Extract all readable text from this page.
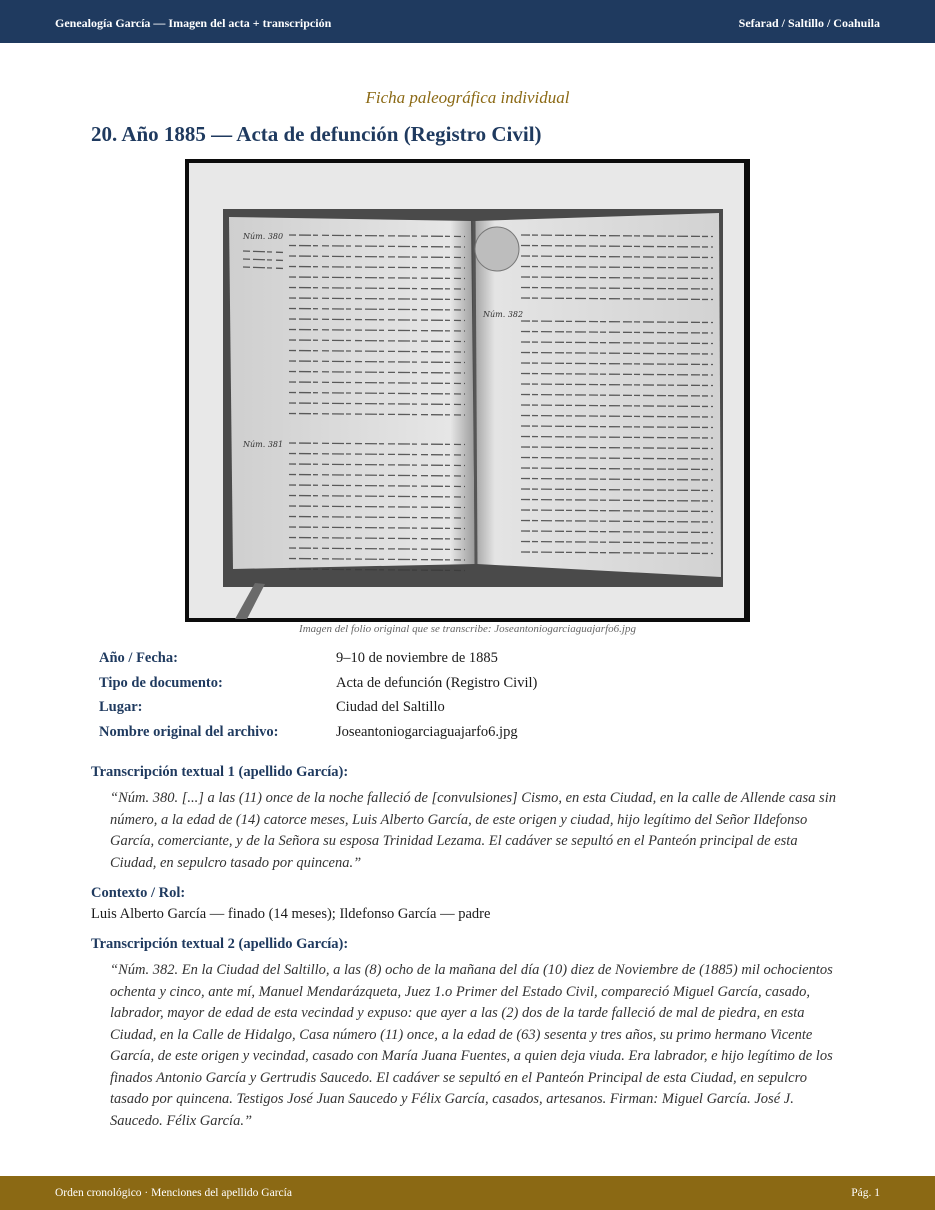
Genealogía García — Imagen del acta + transcripción	Sefarad / Saltillo / Coahuila
Ficha paleográfica individual
20. Año 1885 — Acta de defunción (Registro Civil)
Núm. 380
Núm. 381
Núm. 382
Imagen del folio original que se transcribe: Joseantoniogarciaguajarfo6.jpg
Año / Fecha:	9–10 de noviembre de 1885
Tipo de documento:	Acta de defunción (Registro Civil)
Lugar:	Ciudad del Saltillo
Nombre original del archivo:	Joseantoniogarciaguajarfo6.jpg
Transcripción textual 1 (apellido García):

“Núm. 380. [...] a las (11) once de la noche falleció de [convulsiones] Cismo, en esta Ciudad, en la calle de Allende casa sin número, a la edad de (14) catorce meses, Luis Alberto García, de este origen y ciudad, hijo legítimo del Señor Ildefonso García, comerciante, y de la Señora su esposa Trinidad Lezama. El cadáver se sepultó en el Panteón principal de esta Ciudad, en sepulcro tasado por quincena.”

Contexto / Rol:
Luis Alberto García — finado (14 meses); Ildefonso García — padre
Transcripción textual 2 (apellido García):

“Núm. 382. En la Ciudad del Saltillo, a las (8) ocho de la mañana del día (10) diez de Noviembre de (1885) mil ochocientos ochenta y cinco, ante mí, Manuel Mendarázqueta, Juez 1.o Primer del Estado Civil, compareció Miguel García, casado, labrador, mayor de edad de esta vecindad y expuso: que ayer a las (2) dos de la tarde falleció de mal de piedra, en esta Ciudad, en la Calle de Hidalgo, Casa número (11) once, a la edad de (63) sesenta y tres años, su primo hermano Vicente García, de este origen y vecindad, casado con María Juana Fuentes, a quien deja viuda. Era labrador, e hijo legítimo de los finados Antonio García y Gertrudis Saucedo. El cadáver se sepultó en el Panteón Principal de esta Ciudad, en sepulcro tasado por quincena. Testigos José Juan Saucedo y Félix García, casados, artesanos. Firman: Miguel García. José J. Saucedo. Félix García.”

Orden cronológico · Menciones del apellido García	Pág. 1
